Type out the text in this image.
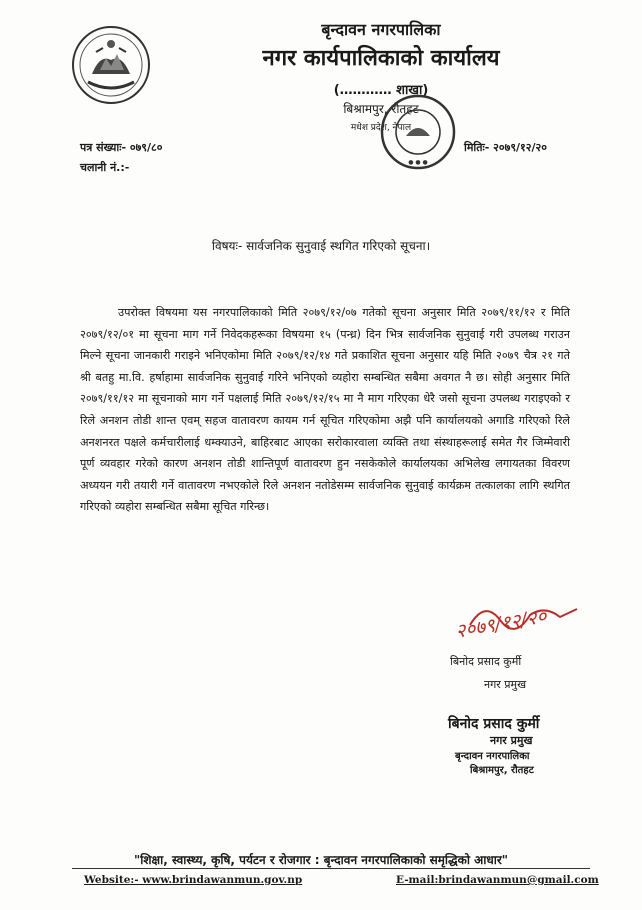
बृन्दावन नगरपालिका
नगर कार्यपालिकाको कार्यालय
(………… शाखा)
बिश्रामपुर, रौतहट
मधेश प्रदेश, नेपाल
● ● ●
पत्र संख्याः- ०७९/८०
चलानी नं.:-
मितिः- २०७९/१२/२०
विषयः- सार्वजनिक सुनुवाई स्थगित गरिएको सूचना।
उपरोक्त विषयमा यस नगरपालिकाको मिति २०७९/१२/०७ गतेको सूचना अनुसार मिति २०७९/११/१२ र मिति २०७९/१२/०१ मा सूचना माग गर्ने निवेदकहरूका विषयमा १५ (पन्ध्र) दिन भित्र सार्वजनिक सुनुवाई गरी उपलब्ध गराउन मिल्ने सूचना जानकारी गराइने भनिएकोमा मिति २०७९/१२/१४ गते प्रकाशित सूचना अनुसार यहि मिति २०७९ चैत्र २१ गते श्री बतहु मा.वि. हर्षाहामा सार्वजनिक सुनुवाई गरिने भनिएको व्यहोरा सम्बन्धित सबैमा अवगत नै छ। सोही अनुसार मिति २०७९/११/१२ मा सूचनाको माग गर्ने पक्षलाई मिति २०७९/१२/१५ मा नै माग गरिएका धेरै जसो सूचना उपलब्ध गराइएको र रिले अनशन तोडी शान्त एवम् सहज वातावरण कायम गर्न सूचित गरिएकोमा अझै पनि कार्यालयको अगाडि गरिएको रिले अनशनरत पक्षले कर्मचारीलाई धम्क्याउने, बाहिरबाट आएका सरोकारवाला व्यक्ति तथा संस्थाहरूलाई समेत गैर जिम्मेवारी पूर्ण व्यवहार गरेको कारण अनशन तोडी शान्तिपूर्ण वातावरण हुन नसकेकोले कार्यालयका अभिलेख लगायतका विवरण अध्ययन गरी तयारी गर्ने वातावरण नभएकोले रिले अनशन नतोडेसम्म सार्वजनिक सुनुवाई कार्यक्रम तत्कालका लागि स्थगित गरिएको व्यहोरा सम्बन्धित सबैमा सूचित गरिन्छ।
२०७९/१२/२०
बिनोद प्रसाद कुर्मी
नगर प्रमुख
बिनोद प्रसाद कुर्मी
नगर प्रमुख
बृन्दावन नगरपालिका
बिश्रामपुर, रौतहट
"शिक्षा, स्वास्थ्य, कृषि, पर्यटन र रोजगार : बृन्दावन नगरपालिकाको समृद्धिको आधार"
Website:- www.brindawanmun.gov.np	E-mail:brindawanmun@gmail.com
